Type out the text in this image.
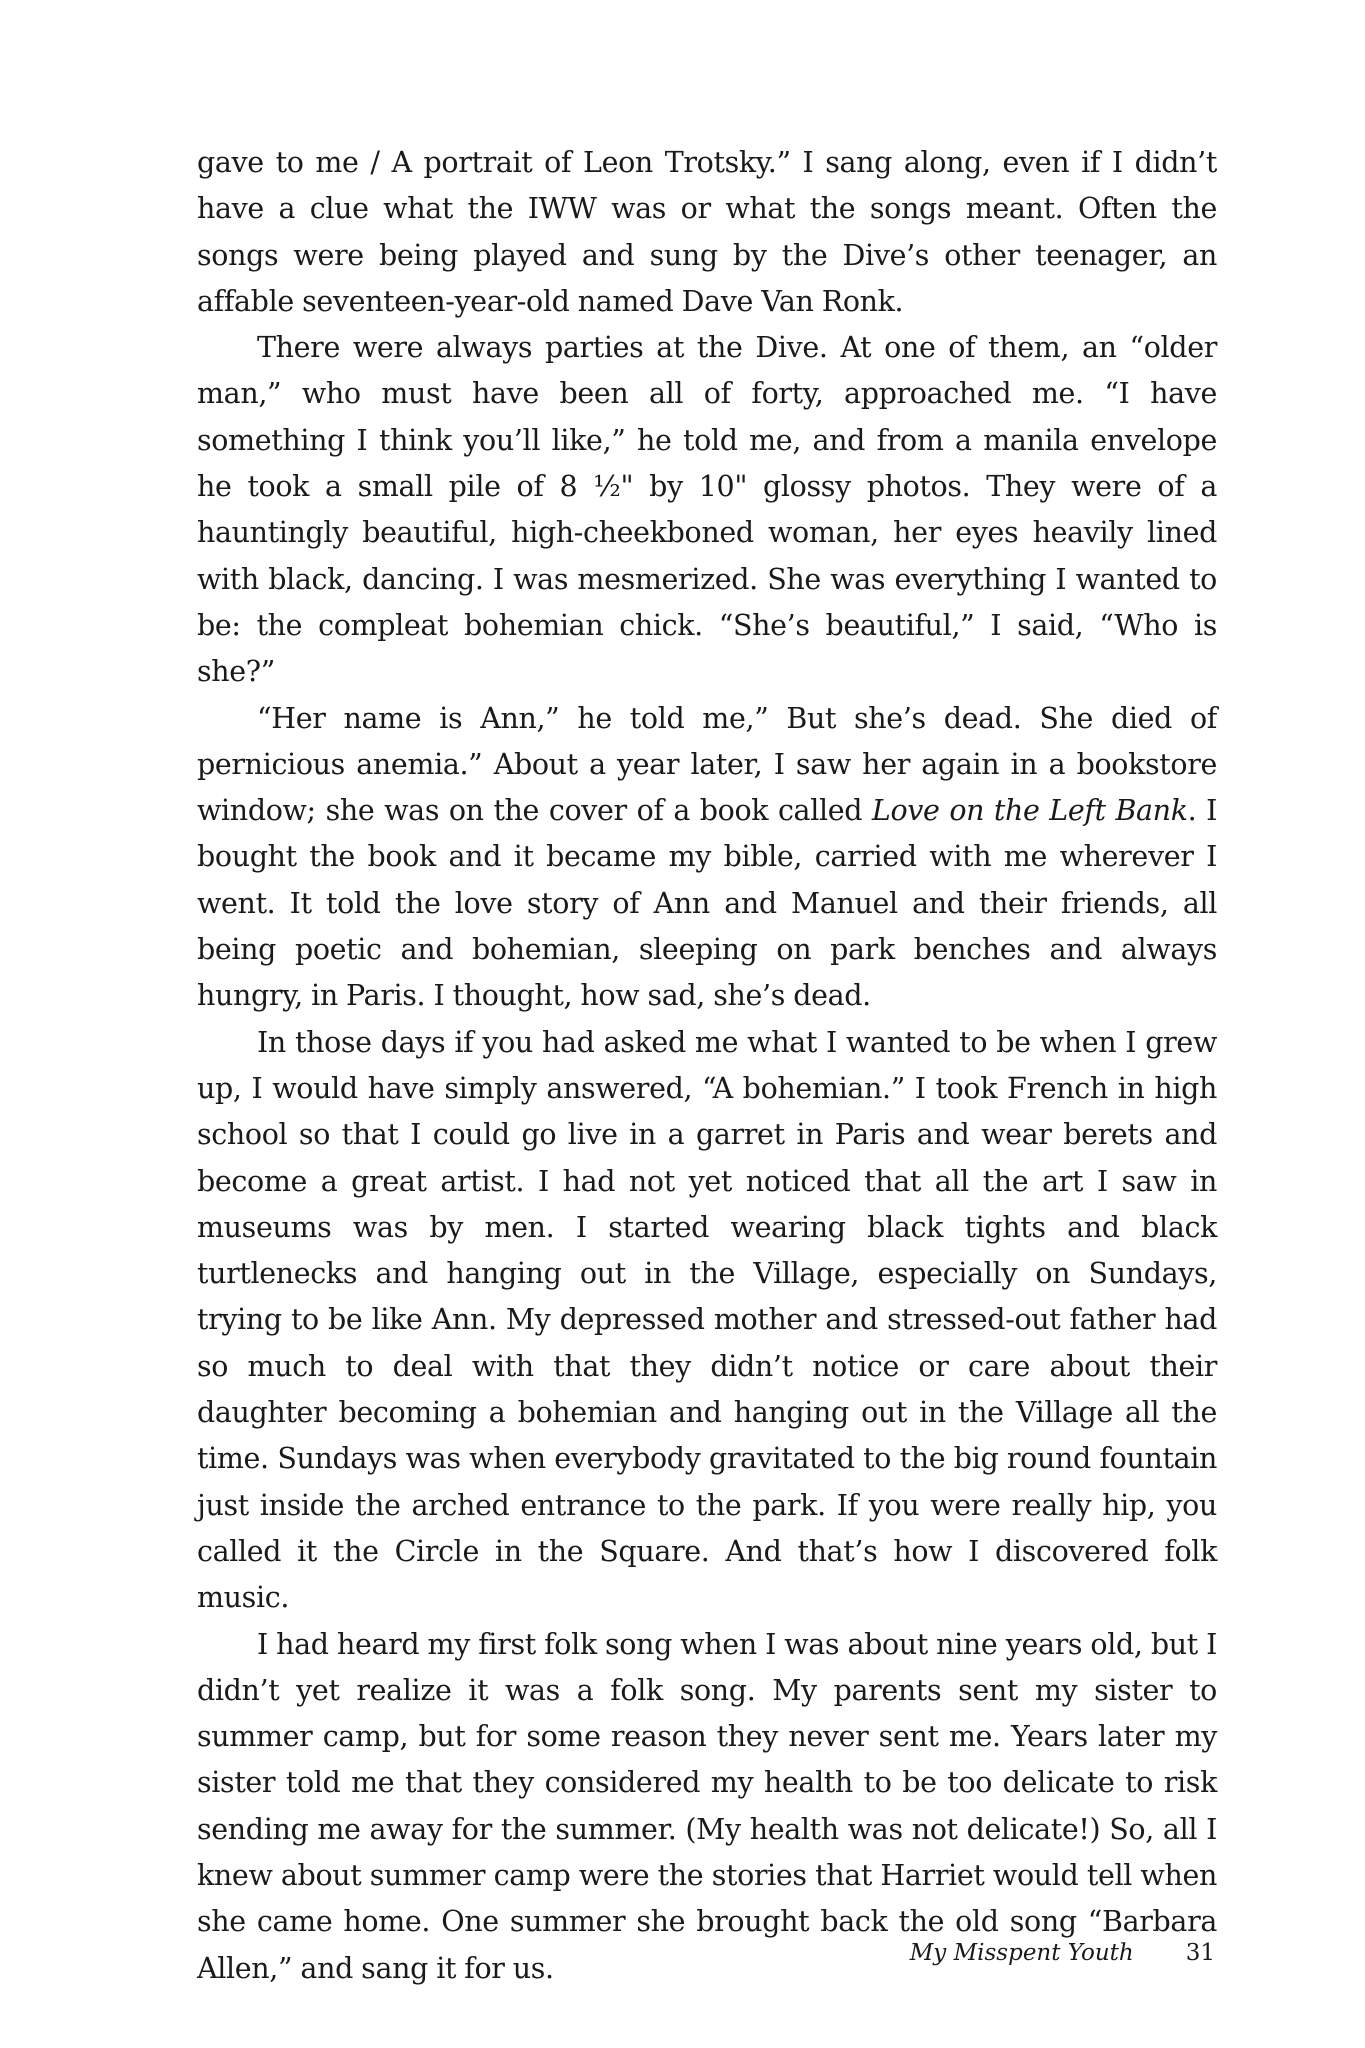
gave to me / A portrait of Leon Trotsky.” I sang along, even if I didn’t have a clue what the IWW was or what the songs meant. Often the songs were being played and sung by the Dive’s other teenager, an affable seventeen-year-old named Dave Van Ronk.

There were always parties at the Dive. At one of them, an “older man,” who must have been all of forty, approached me. “I have something I think you’ll like,” he told me, and from a manila envelope he took a small pile of 8 ½" by 10" glossy photos. They were of a hauntingly beautiful, high-cheekboned woman, her eyes heavily lined with black, dancing. I was mesmerized. She was everything I wanted to be: the compleat bohemian chick. “She’s beautiful,” I said, “Who is she?”

“Her name is Ann,” he told me,” But she’s dead. She died of pernicious anemia.” About a year later, I saw her again in a bookstore window; she was on the cover of a book called Love on the Left Bank. I bought the book and it became my bible, carried with me wherever I went. It told the love story of Ann and Manuel and their friends, all being poetic and bohemian, sleeping on park benches and always hungry, in Paris. I thought, how sad, she’s dead.

In those days if you had asked me what I wanted to be when I grew up, I would have simply answered, “A bohemian.” I took French in high school so that I could go live in a garret in Paris and wear berets and become a great artist. I had not yet noticed that all the art I saw in museums was by men. I started wearing black tights and black turtlenecks and hanging out in the Village, especially on Sundays, trying to be like Ann. My depressed mother and stressed-out father had so much to deal with that they didn’t notice or care about their daughter becoming a bohemian and hanging out in the Village all the time. Sundays was when everybody gravitated to the big round fountain just inside the arched entrance to the park. If you were really hip, you called it the Circle in the Square. And that’s how I discovered folk music.

I had heard my first folk song when I was about nine years old, but I didn’t yet realize it was a folk song. My parents sent my sister to summer camp, but for some reason they never sent me. Years later my sister told me that they considered my health to be too delicate to risk sending me away for the summer. (My health was not delicate!) So, all I knew about summer camp were the stories that Harriet would tell when she came home. One summer she brought back the old song “Barbara Allen,” and sang it for us.	My Misspent Youth 31
